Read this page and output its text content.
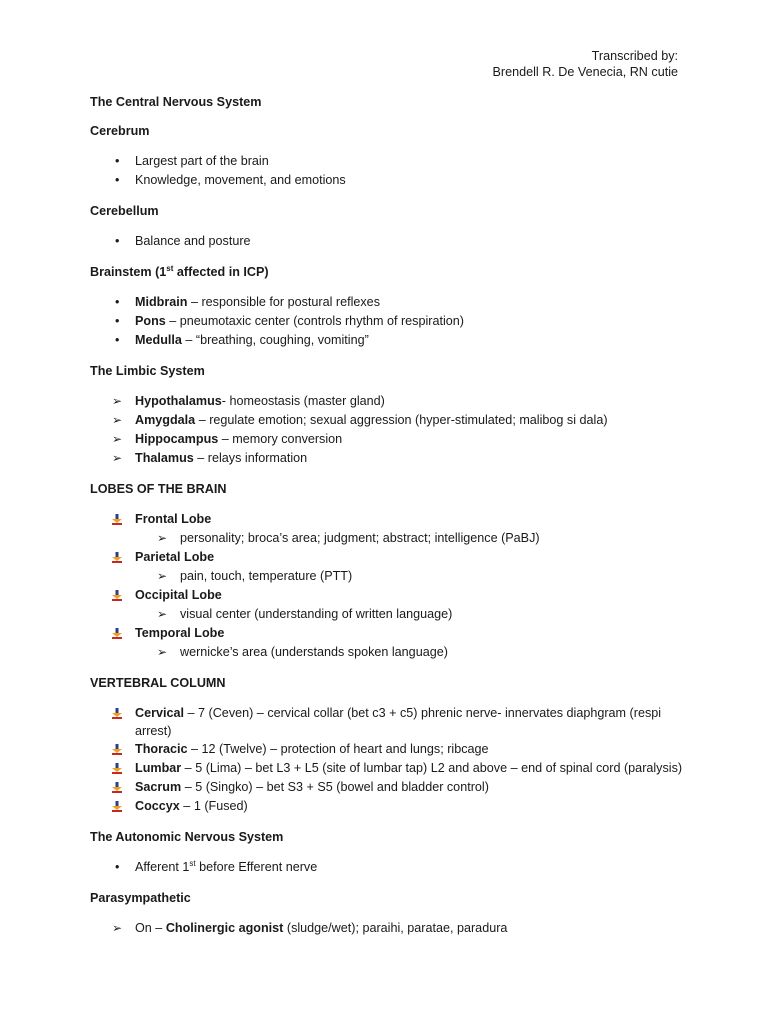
Transcribed by:
Brendell R. De Venecia, RN cutie
The Central Nervous System
Cerebrum
• Largest part of the brain
• Knowledge, movement, and emotions
Cerebellum
• Balance and posture
Brainstem (1st affected in ICP)
• Midbrain – responsible for postural reflexes
• Pons – pneumotaxic center (controls rhythm of respiration)
• Medulla – “breathing, coughing, vomiting”
The Limbic System
➢ Hypothalamus- homeostasis (master gland)
➢ Amygdala – regulate emotion; sexual aggression (hyper-stimulated; malibog si dala)
➢ Hippocampus – memory conversion
➢ Thalamus – relays information
LOBES OF THE BRAIN
Frontal Lobe
➢ personality; broca’s area; judgment; abstract; intelligence (PaBJ)
Parietal Lobe
➢ pain, touch, temperature (PTT)
Occipital Lobe
➢ visual center (understanding of written language)
Temporal Lobe
➢ wernicke’s area (understands spoken language)
VERTEBRAL COLUMN
Cervical – 7 (Ceven) – cervical collar (bet c3 + c5) phrenic nerve- innervates diaphgram (respi arrest)
Thoracic – 12 (Twelve) – protection of heart and lungs; ribcage
Lumbar – 5 (Lima) – bet L3 + L5 (site of lumbar tap) L2 and above – end of spinal cord (paralysis)
Sacrum – 5 (Singko) – bet S3 + S5 (bowel and bladder control)
Coccyx – 1 (Fused)
The Autonomic Nervous System
• Afferent 1st before Efferent nerve
Parasympathetic
➢ On – Cholinergic agonist (sludge/wet); paraihi, paratae, paradura
